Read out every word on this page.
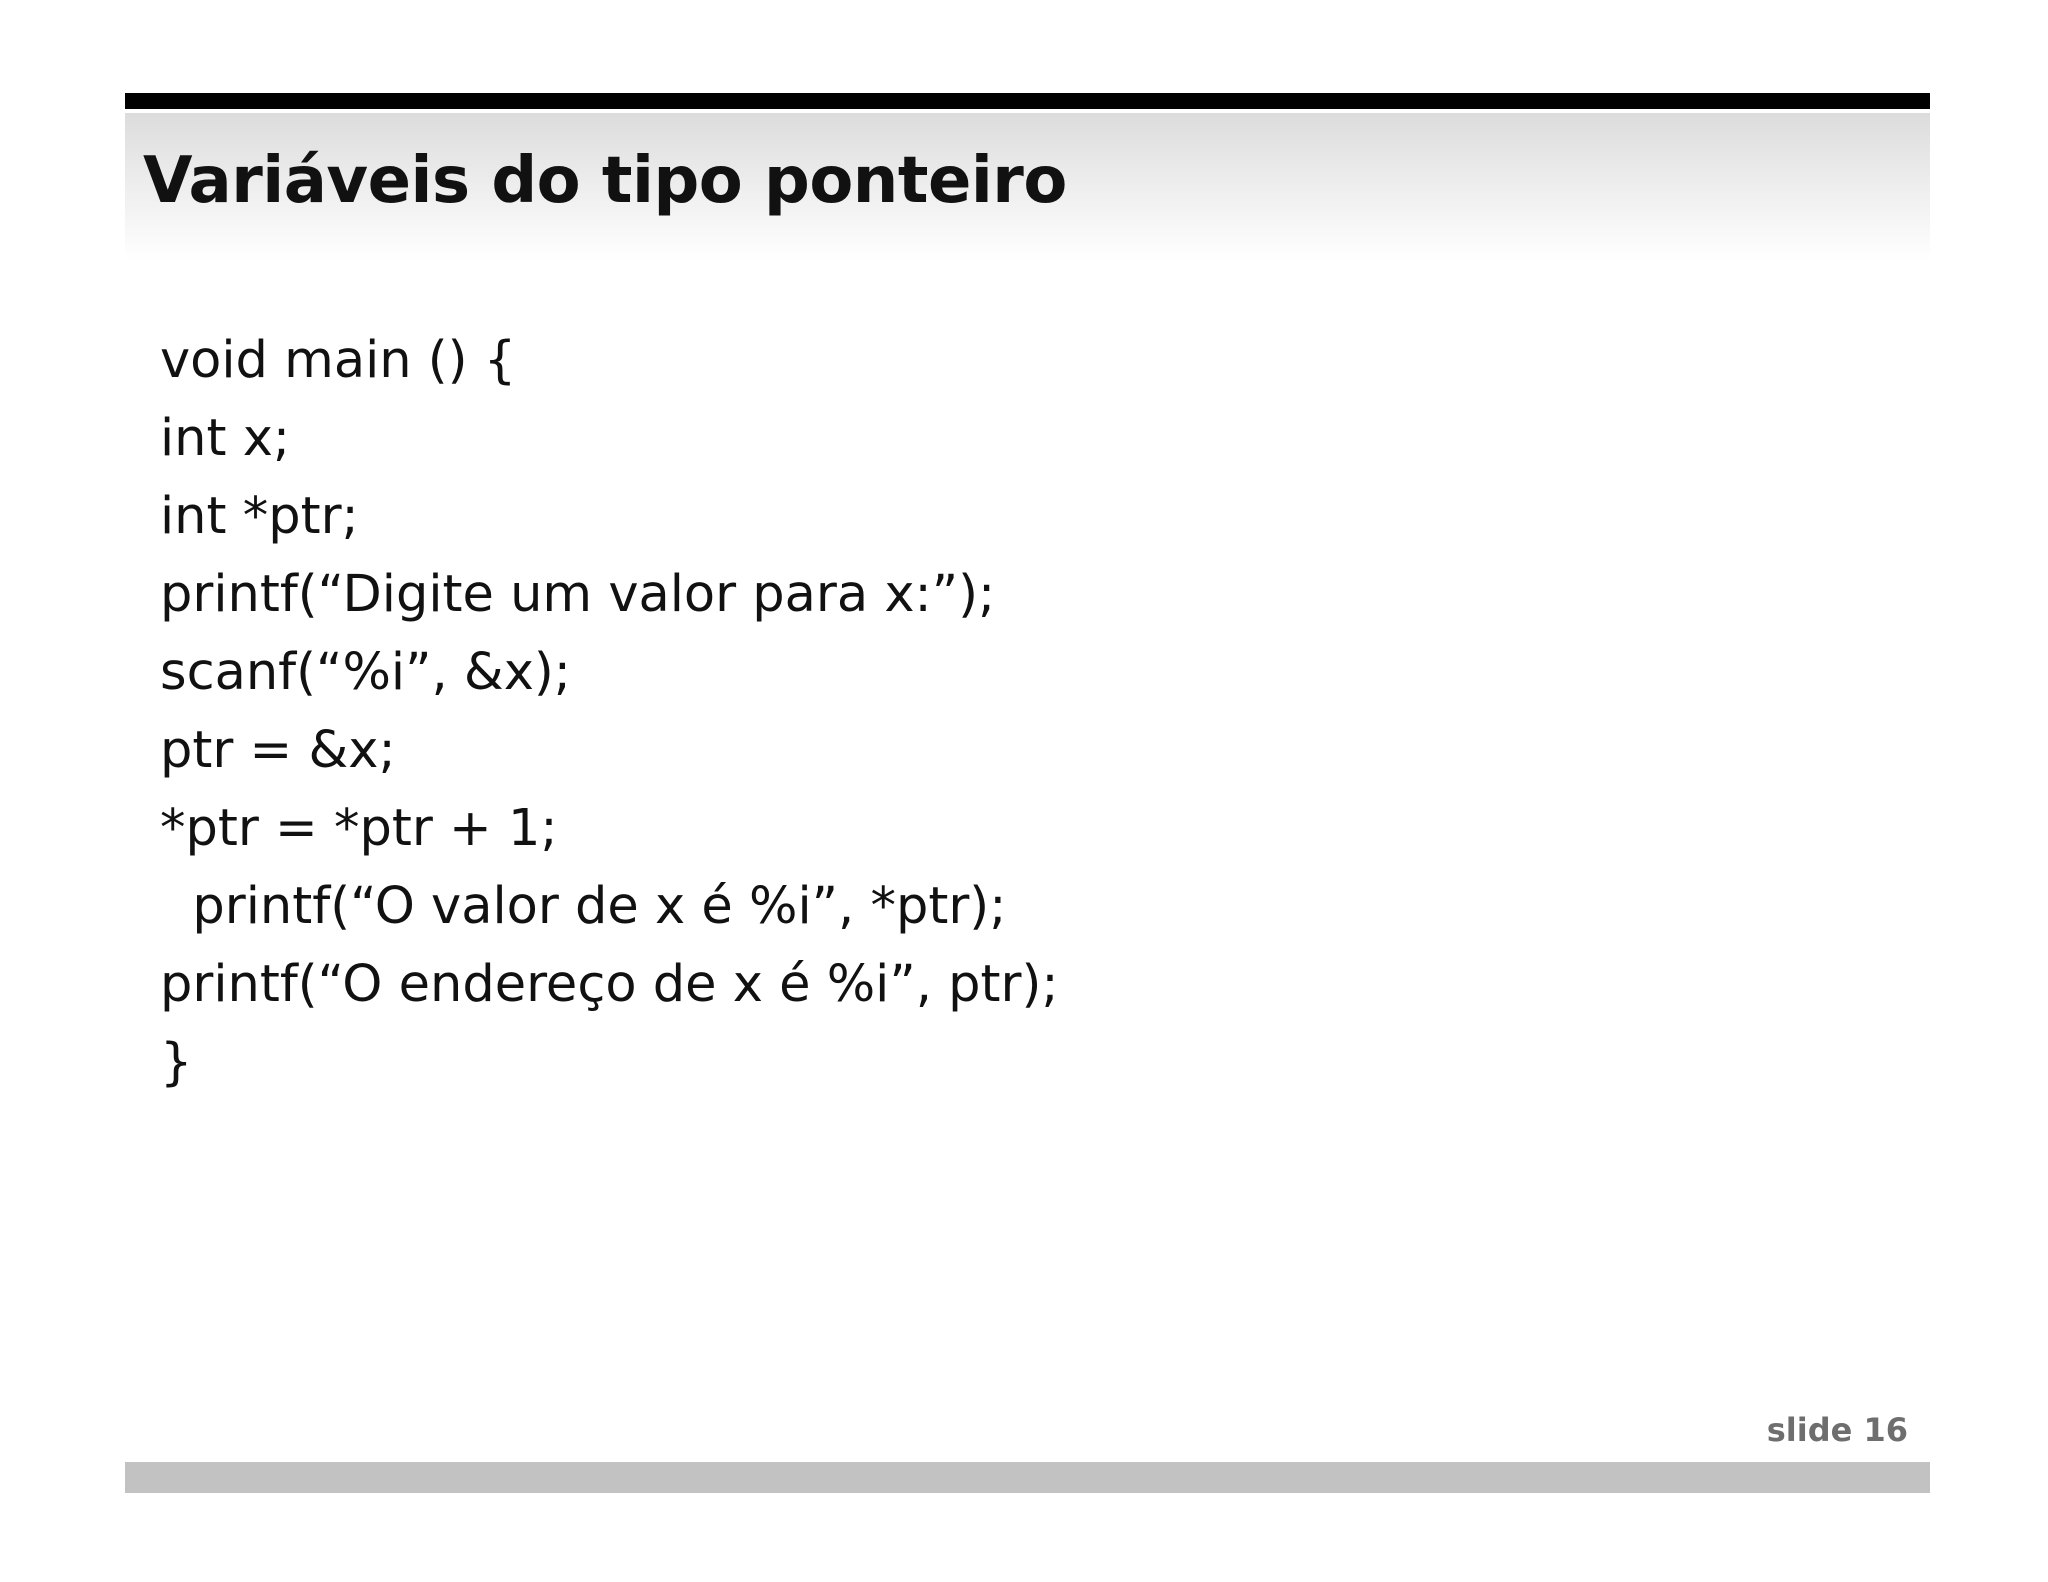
Variáveis do tipo ponteiro
void main () {
int x;
int *ptr;
printf(“Digite um valor para x:”);
scanf(“%i”, &x);
ptr = &x;
*ptr = *ptr + 1;
printf(“O valor de x é %i”, *ptr);
printf(“O endereço de x é %i”, ptr);
}
slide 16
